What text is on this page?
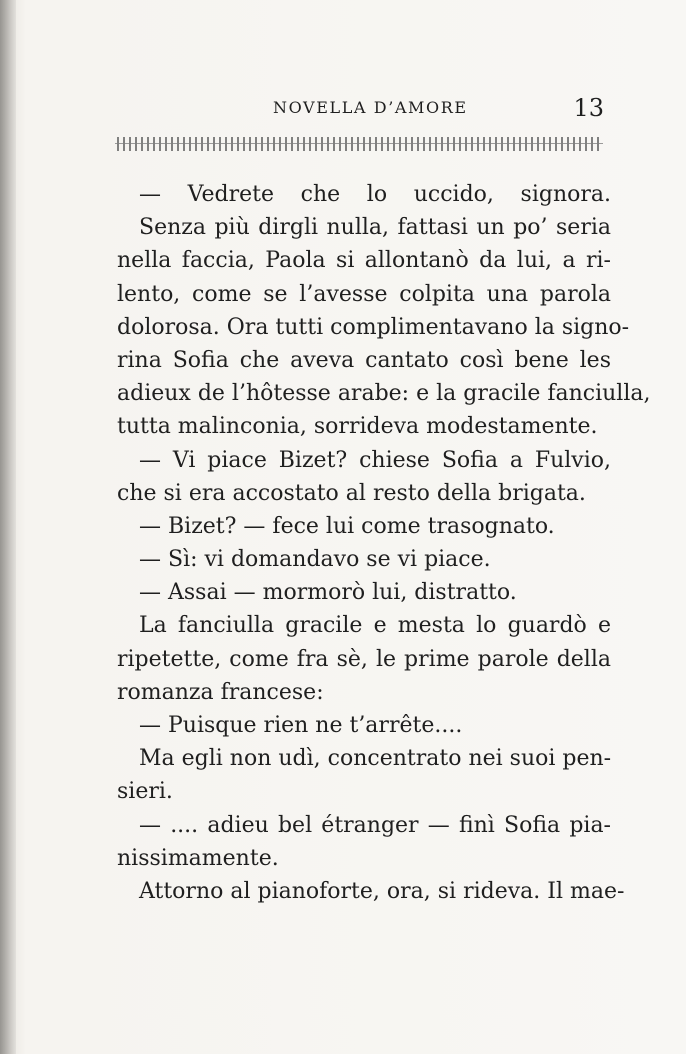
NOVELLA D’AMORE	13
— Vedrete che lo uccido, signora.
Senza più dirgli nulla, fattasi un po’ seria
nella faccia, Paola si allontanò da lui, a ri-
lento, come se l’avesse colpita una parola
dolorosa. Ora tutti complimentavano la signo-
rina Sofia che aveva cantato così bene les
adieux de l’hôtesse arabe: e la gracile fanciulla,
tutta malinconia, sorrideva modestamente.
— Vi piace Bizet? chiese Sofia a Fulvio,
che si era accostato al resto della brigata.
— Bizet? — fece lui come trasognato.
— Sì: vi domandavo se vi piace.
— Assai — mormorò lui, distratto.
La fanciulla gracile e mesta lo guardò e
ripetette, come fra sè, le prime parole della
romanza francese:
— Puisque rien ne t’arrête....
Ma egli non udì, concentrato nei suoi pen-
sieri.
— .... adieu bel étranger — finì Sofia pia-
nissimamente.
Attorno al pianoforte, ora, si rideva. Il mae-
